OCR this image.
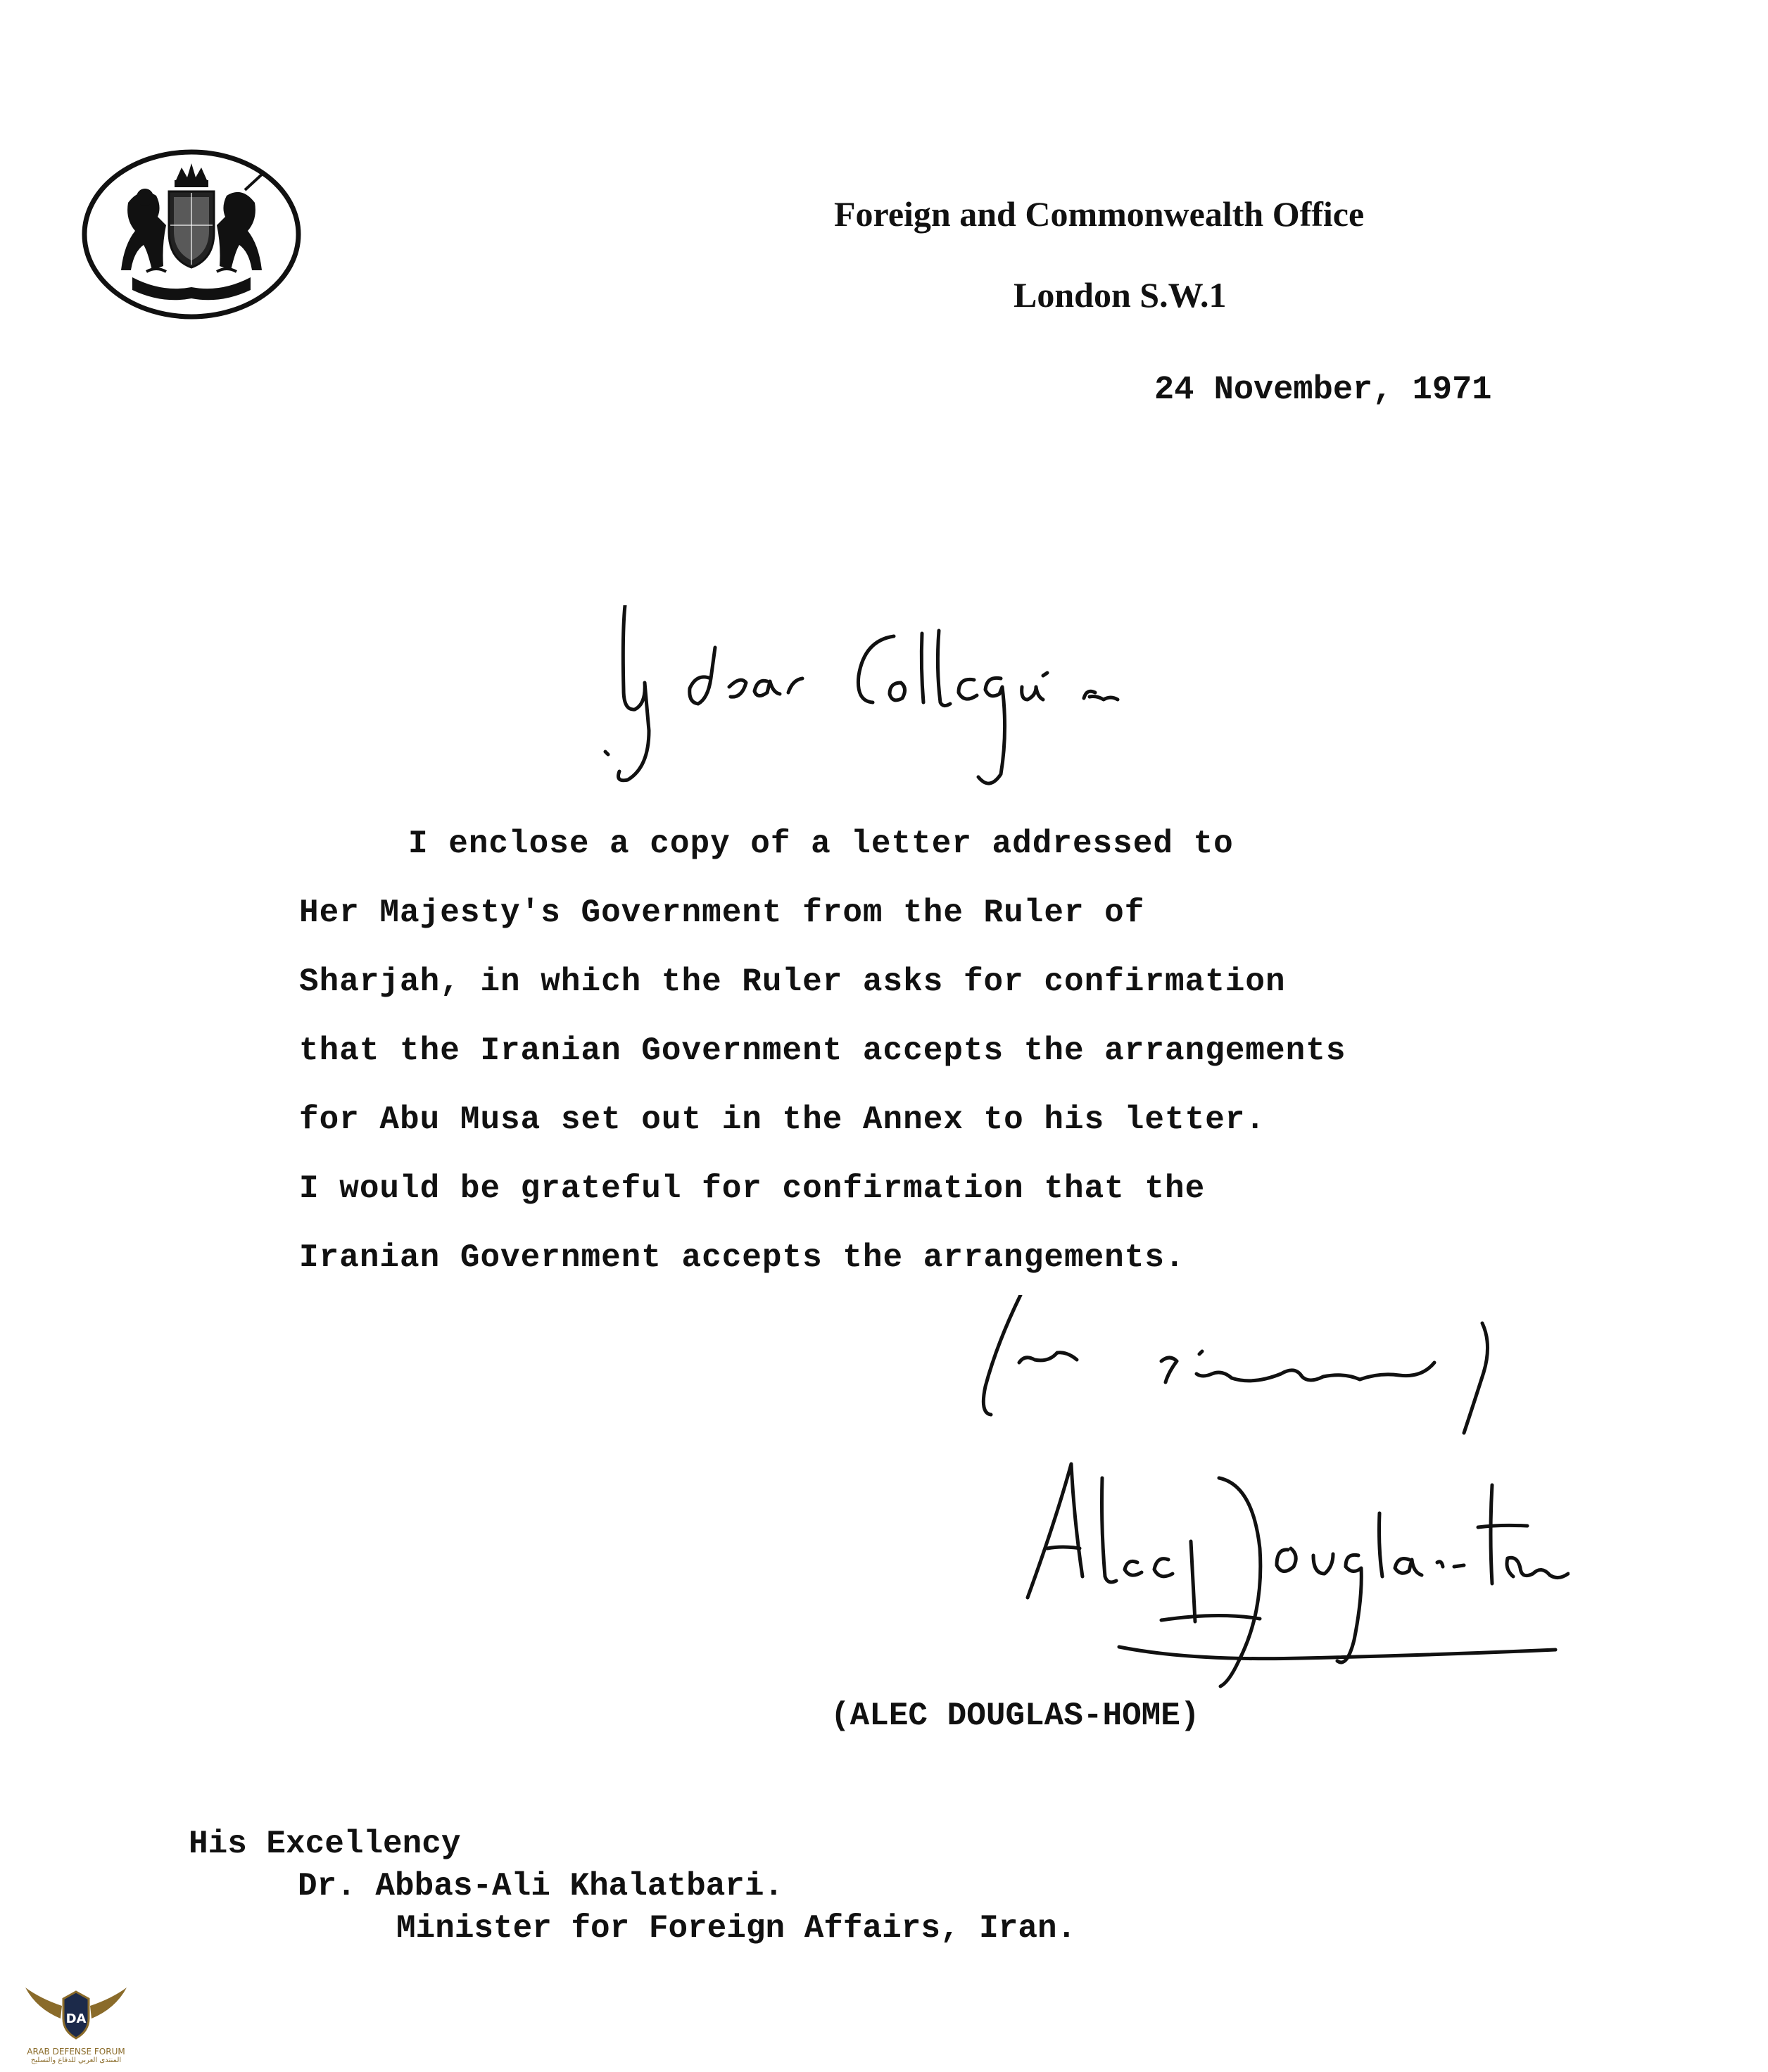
Foreign and Commonwealth Office
London S.W.1
24 November, 1971
I enclose a copy of a letter addressed to
Her Majesty's Government from the Ruler of
Sharjah, in which the Ruler asks for confirmation
that the Iranian Government accepts the arrangements
for Abu Musa set out in the Annex to his letter.
I would be grateful for confirmation that the
Iranian Government accepts the arrangements.
(ALEC DOUGLAS-HOME)
His Excellency
Dr. Abbas-Ali Khalatbari.
Minister for Foreign Affairs, Iran.
DA
ARAB DEFENSE FORUM
المنتدى العربي للدفاع والتسليح
